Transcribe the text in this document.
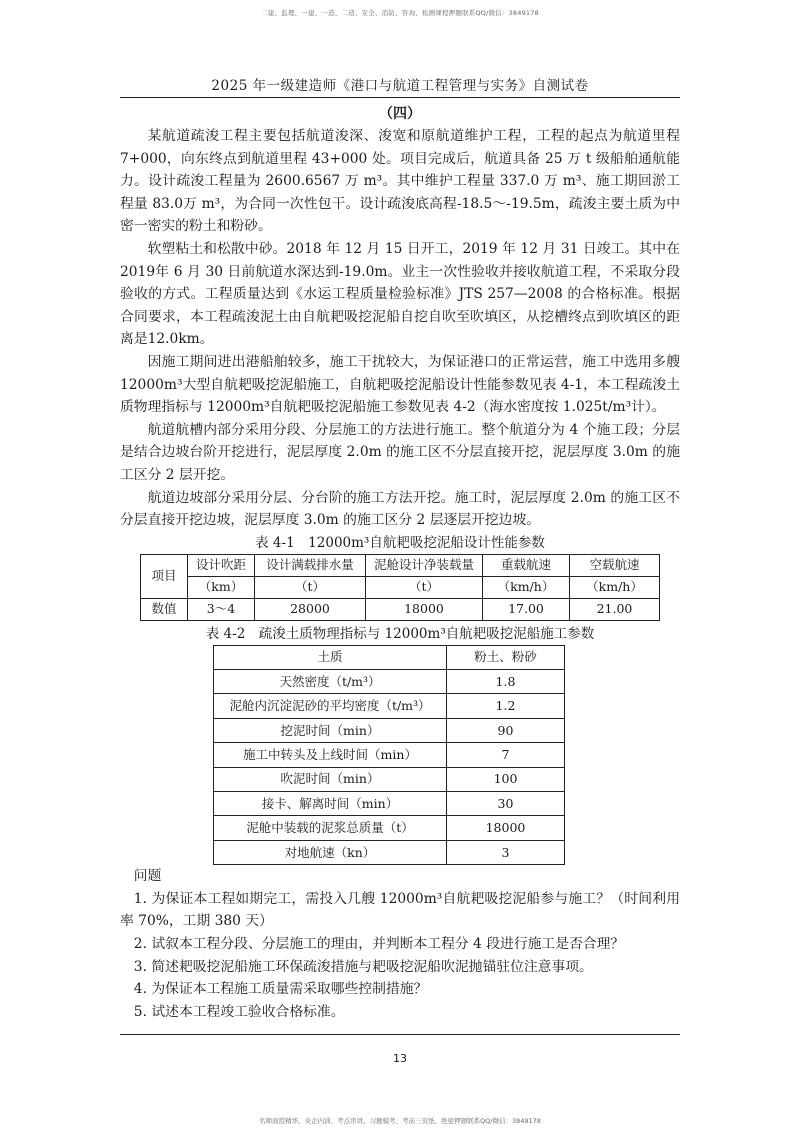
二建、监理、一建、一造、二造、安全、消防、咨询、检测课程押题联系QQ/微信：3849178
2025 年一级建造师《港口与航道工程管理与实务》自测试卷
（四）

某航道疏浚工程主要包括航道浚深、浚宽和原航道维护工程，工程的起点为航道里程7+000，向东终点到航道里程 43+000 处。项目完成后，航道具备 25 万 t 级船舶通航能力。设计疏浚工程量为 2600.6567 万 m³。其中维护工程量 337.0 万 m³、施工期回淤工程量 83.0万 m³，为合同一次性包干。设计疏浚底高程-18.5～-19.5m，疏浚主要土质为中密一密实的粉土和粉砂。

软塑粘土和松散中砂。2018 年 12 月 15 日开工，2019 年 12 月 31 日竣工。其中在 2019年 6 月 30 日前航道水深达到-19.0m。业主一次性验收并接收航道工程，不采取分段验收的方式。工程质量达到《水运工程质量检验标准》JTS 257—2008 的合格标准。根据合同要求，本工程疏浚泥土由自航耙吸挖泥船自挖自吹至吹填区，从挖槽终点到吹填区的距离是12.0km。

因施工期间进出港船舶较多，施工干扰较大，为保证港口的正常运营，施工中选用多艘12000m³大型自航耙吸挖泥船施工，自航耙吸挖泥船设计性能参数见表 4-1，本工程疏浚土质物理指标与 12000m³自航耙吸挖泥船施工参数见表 4-2（海水密度按 1.025t/m³计）。

航道航槽内部分采用分段、分层施工的方法进行施工。整个航道分为 4 个施工段；分层是结合边坡台阶开挖进行，泥层厚度 2.0m 的施工区不分层直接开挖，泥层厚度 3.0m 的施工区分 2 层开挖。

航道边坡部分采用分层、分台阶的施工方法开挖。施工时，泥层厚度 2.0m 的施工区不分层直接开挖边坡，泥层厚度 3.0m 的施工区分 2 层逐层开挖边坡。

表 4-1　12000m³自航耙吸挖泥船设计性能参数
项目	设计吹距	设计满载排水量	泥舱设计净装载量	重载航速	空载航速
	（km）	（t）	（t）	（km/h）	（km/h）
数值	3～4	28000	18000	17.00	21.00
表 4-2　疏浚土质物理指标与 12000m³自航耙吸挖泥船施工参数
土质	粉土、粉砂
天然密度（t/m³）	1.8
泥舱内沉淀泥砂的平均密度（t/m³）	1.2
挖泥时间（min）	90
施工中转头及上线时间（min）	7
吹泥时间（min）	100
接卡、解离时间（min）	30
泥舱中装载的泥浆总质量（t）	18000
对地航速（kn）	3

问题

1. 为保证本工程如期完工，需投入几艘 12000m³自航耙吸挖泥船参与施工？（时间利用率 70%，工期 380 天）

2. 试叙本工程分段、分层施工的理由，并判断本工程分 4 段进行施工是否合理？

3. 简述耙吸挖泥船施工环保疏浚措施与耙吸挖泥船吹泥抛锚驻位注意事项。

4. 为保证本工程施工质量需采取哪些控制措施？

5. 试述本工程竣工验收合格标准。

13
名师面授精华、央企内训、考点串讲、习题模考、考前三页纸、绝密押题联系QQ/微信：3849178
